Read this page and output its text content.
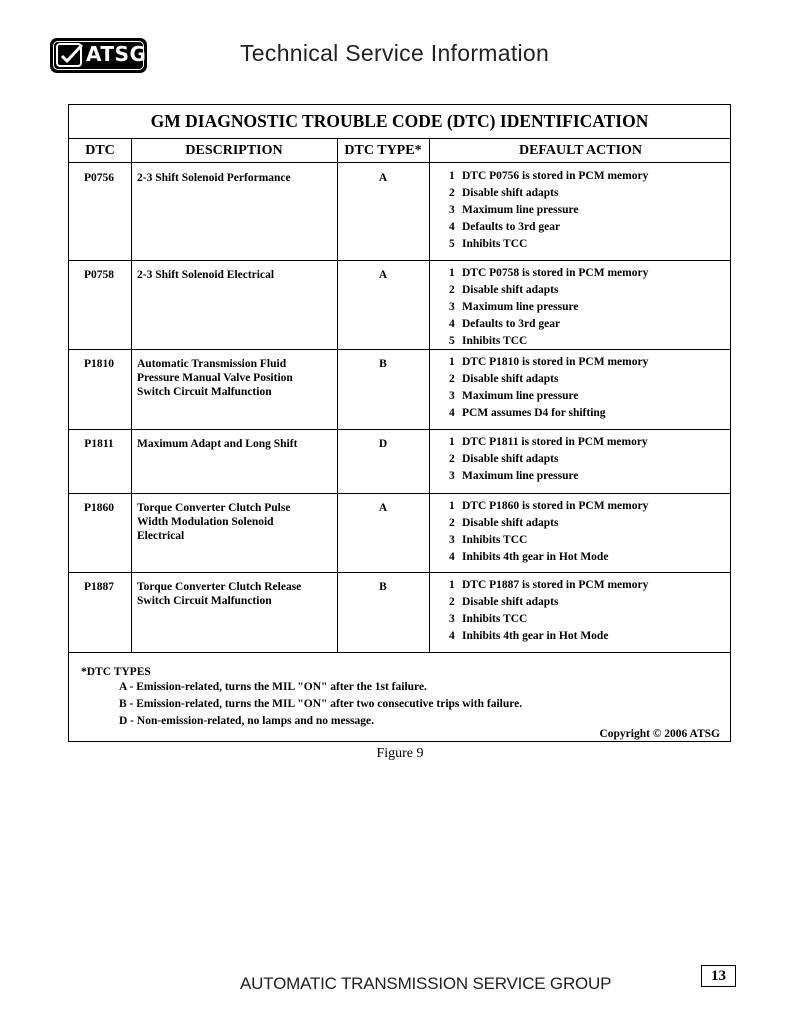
ATSG	Technical Service Information
GM DIAGNOSTIC TROUBLE CODE (DTC) IDENTIFICATION
DTC	DESCRIPTION	DTC TYPE*	DEFAULT ACTION
P0756	2-3 Shift Solenoid Performance	A	1 DTC P0756 is stored in PCM memory
2 Disable shift adapts
3 Maximum line pressure
4 Defaults to 3rd gear
5 Inhibits TCC
P0758	2-3 Shift Solenoid Electrical	A	1 DTC P0758 is stored in PCM memory
2 Disable shift adapts
3 Maximum line pressure
4 Defaults to 3rd gear
5 Inhibits TCC
P1810	Automatic Transmission Fluid
Pressure Manual Valve Position
Switch Circuit Malfunction
B	1 DTC P1810 is stored in PCM memory
2 Disable shift adapts
3 Maximum line pressure
4 PCM assumes D4 for shifting
P1811	Maximum Adapt and Long Shift	D	1 DTC P1811 is stored in PCM memory
2 Disable shift adapts
3 Maximum line pressure
P1860	Torque Converter Clutch Pulse
Width Modulation Solenoid
Electrical
A	1 DTC P1860 is stored in PCM memory
2 Disable shift adapts
3 Inhibits TCC
4 Inhibits 4th gear in Hot Mode
P1887	Torque Converter Clutch Release
Switch Circuit Malfunction
B	1 DTC P1887 is stored in PCM memory
2 Disable shift adapts
3 Inhibits TCC
4 Inhibits 4th gear in Hot Mode
*DTC TYPES
A - Emission-related, turns the MIL "ON" after the 1st failure.
B - Emission-related, turns the MIL "ON" after two consecutive trips with failure.
D - Non-emission-related, no lamps and no message.
Copyright © 2006 ATSG
Figure 9
AUTOMATIC TRANSMISSION SERVICE GROUP	13
